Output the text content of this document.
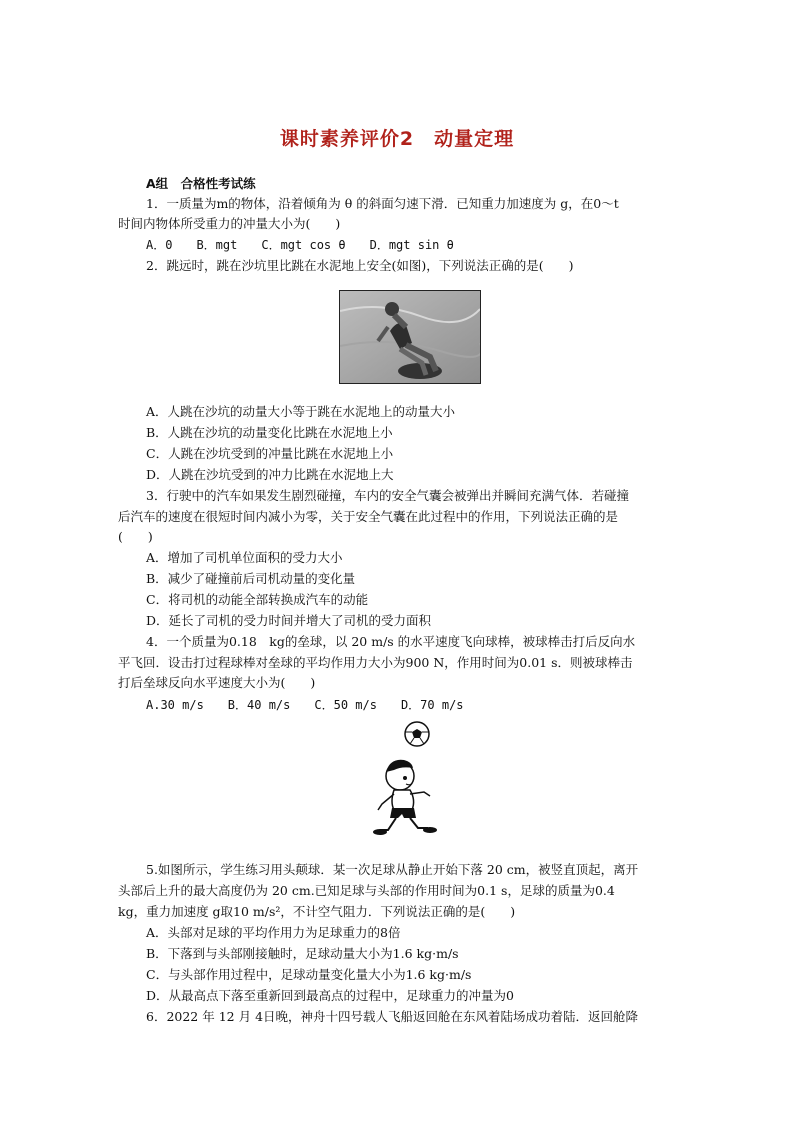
课时素养评价2　动量定理
A组　合格性考试练
1．一质量为m的物体，沿着倾角为 θ 的斜面匀速下滑．已知重力加速度为 g，在0～t
时间内物体所受重力的冲量大小为(　　)
A．0　　B．mgt　　C．mgt cos θ　　D．mgt sin θ
2．跳远时，跳在沙坑里比跳在水泥地上安全(如图)，下列说法正确的是(　　)
A．人跳在沙坑的动量大小等于跳在水泥地上的动量大小
B．人跳在沙坑的动量变化比跳在水泥地上小
C．人跳在沙坑受到的冲量比跳在水泥地上小
D．人跳在沙坑受到的冲力比跳在水泥地上大
3．行驶中的汽车如果发生剧烈碰撞，车内的安全气囊会被弹出并瞬间充满气体．若碰撞
后汽车的速度在很短时间内减小为零，关于安全气囊在此过程中的作用，下列说法正确的是
(　　)
A．增加了司机单位面积的受力大小
B．减少了碰撞前后司机动量的变化量
C．将司机的动能全部转换成汽车的动能
D．延长了司机的受力时间并增大了司机的受力面积
4．一个质量为0.18　kg的垒球，以 20 m/s 的水平速度飞向球棒，被球棒击打后反向水
平飞回．设击打过程球棒对垒球的平均作用力大小为900 N，作用时间为0.01 s．则被球棒击
打后垒球反向水平速度大小为(　　)
A.30 m/s　　B．40 m/s　　C．50 m/s　　D．70 m/s
5.如图所示，学生练习用头颠球．某一次足球从静止开始下落 20 cm，被竖直顶起，离开
头部后上升的最大高度仍为 20 cm.已知足球与头部的作用时间为0.1 s，足球的质量为0.4
kg，重力加速度 g取10 m/s²，不计空气阻力．下列说法正确的是(　　)
A．头部对足球的平均作用力为足球重力的8倍
B．下落到与头部刚接触时，足球动量大小为1.6 kg·m/s
C．与头部作用过程中，足球动量变化量大小为1.6 kg·m/s
D．从最高点下落至重新回到最高点的过程中，足球重力的冲量为0
6．2022 年 12 月 4日晚，神舟十四号载人飞船返回舱在东风着陆场成功着陆．返回舱降
